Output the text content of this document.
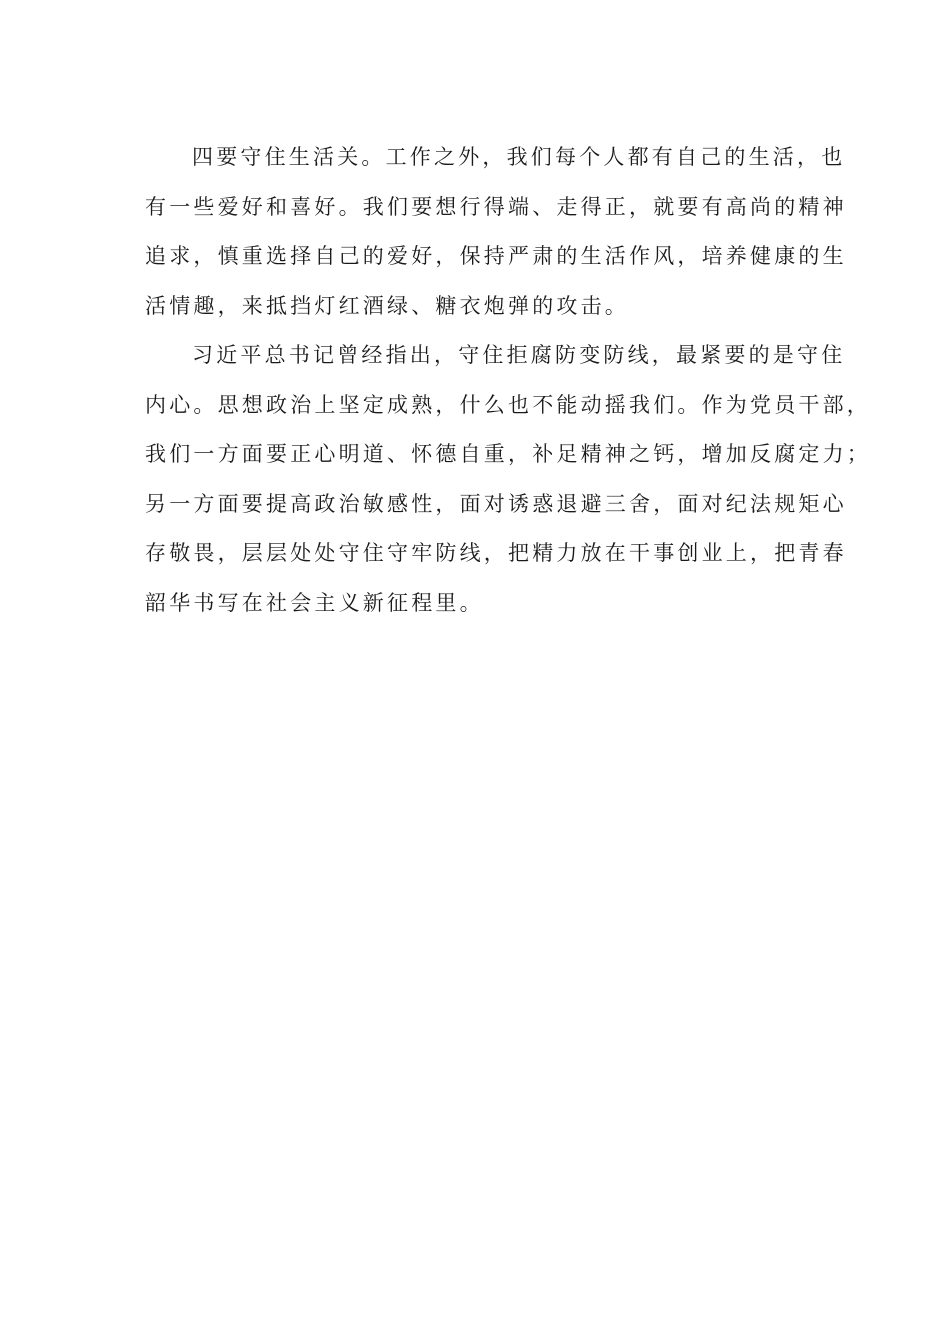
四要守住生活关。工作之外，我们每个人都有自己的生活，也
有一些爱好和喜好。我们要想行得端、走得正，就要有高尚的精神
追求，慎重选择自己的爱好，保持严肃的生活作风，培养健康的生
活情趣，来抵挡灯红酒绿、糖衣炮弹的攻击。
习近平总书记曾经指出，守住拒腐防变防线，最紧要的是守住
内心。思想政治上坚定成熟，什么也不能动摇我们。作为党员干部，
我们一方面要正心明道、怀德自重，补足精神之钙，增加反腐定力；
另一方面要提高政治敏感性，面对诱惑退避三舍，面对纪法规矩心
存敬畏，层层处处守住守牢防线，把精力放在干事创业上，把青春
韶华书写在社会主义新征程里。
